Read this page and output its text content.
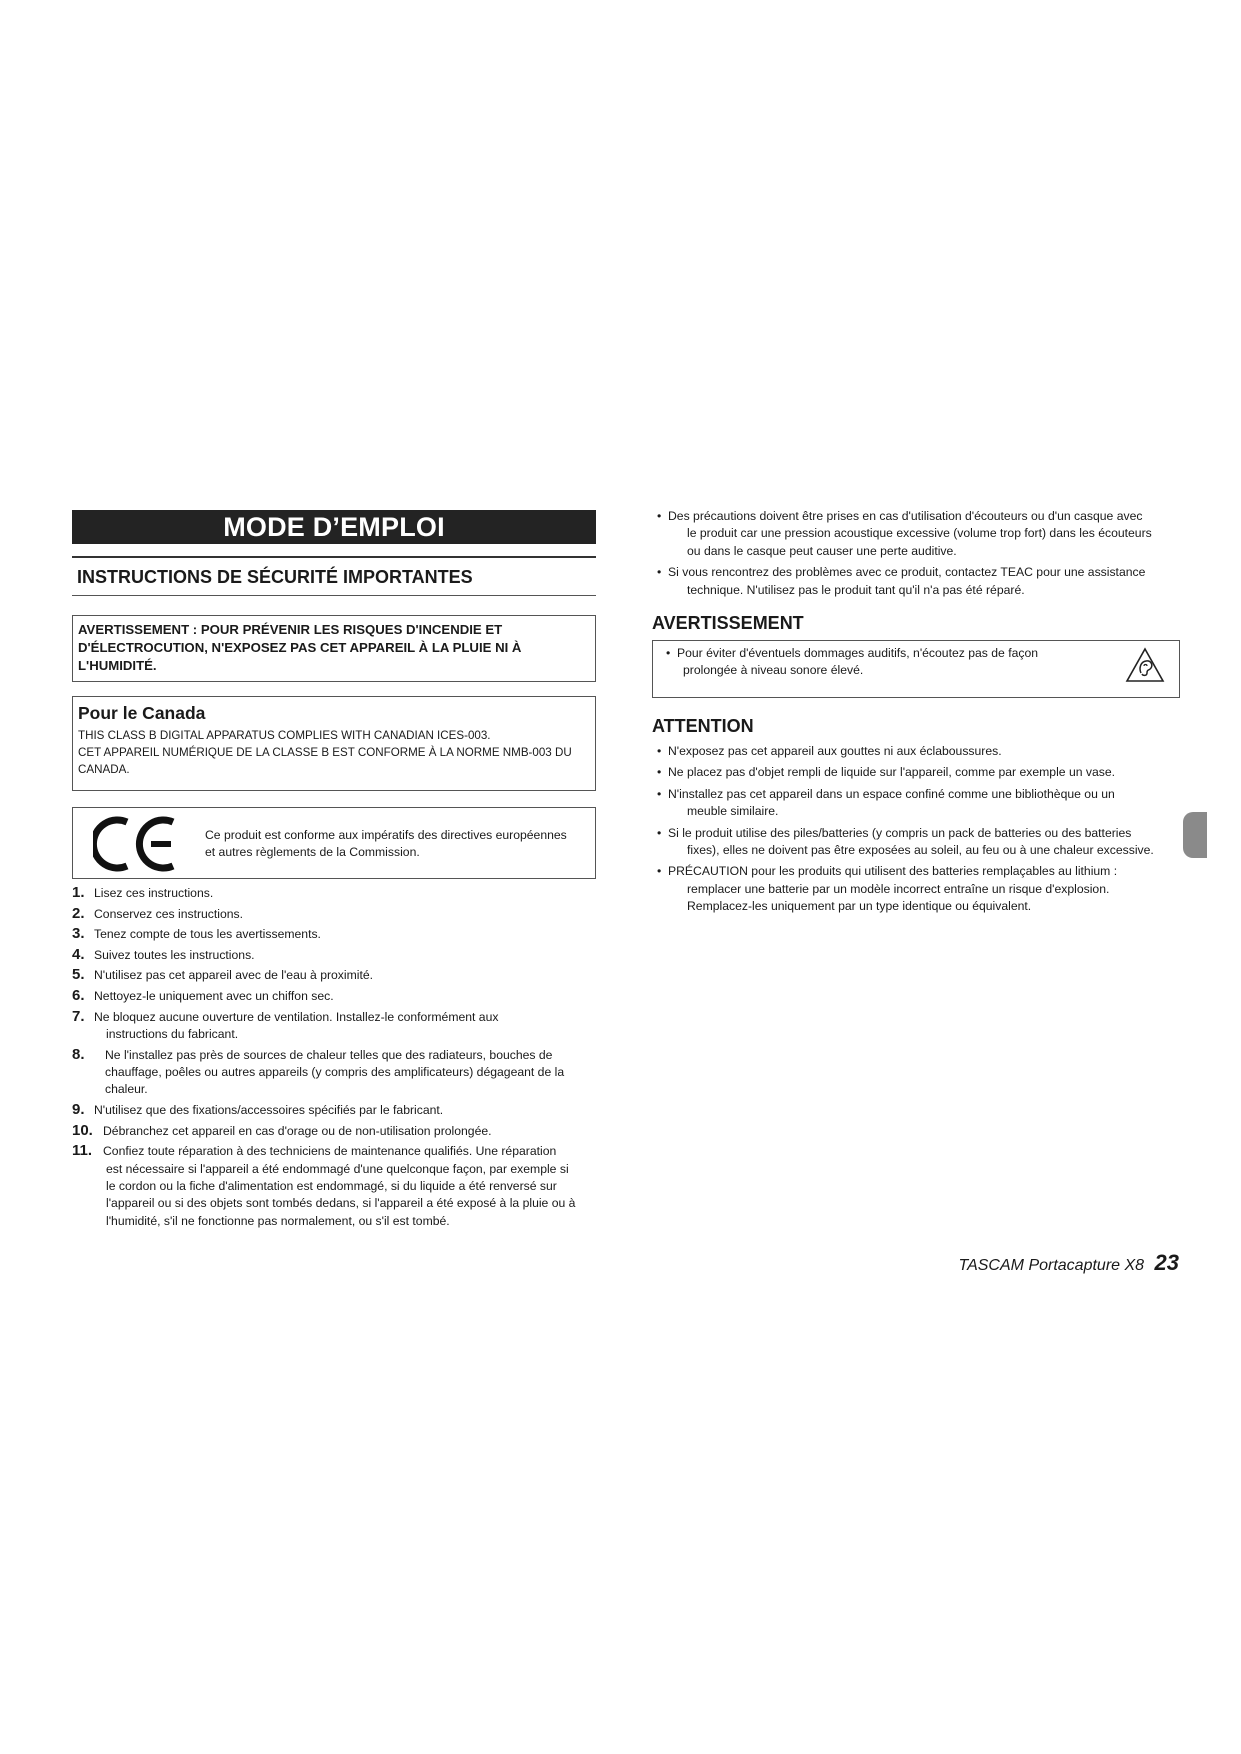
MODE D’EMPLOI
INSTRUCTIONS DE SÉCURITÉ IMPORTANTES
AVERTISSEMENT : POUR PRÉVENIR LES RISQUES D'INCENDIE ET
D'ÉLECTROCUTION, N'EXPOSEZ PAS CET APPAREIL À LA PLUIE NI À
L'HUMIDITÉ.
Pour le Canada
THIS CLASS B DIGITAL APPARATUS COMPLIES WITH CANADIAN ICES-003.
CET APPAREIL NUMÉRIQUE DE LA CLASSE B EST CONFORME À LA NORME NMB-003 DU
CANADA.
Ce produit est conforme aux impératifs des directives européennes
et autres règlements de la Commission.
1. Lisez ces instructions.
2. Conservez ces instructions.
3. Tenez compte de tous les avertissements.
4. Suivez toutes les instructions.
5. N'utilisez pas cet appareil avec de l'eau à proximité.
6. Nettoyez-le uniquement avec un chiffon sec.
7. Ne bloquez aucune ouverture de ventilation. Installez-le conformément aux
instructions du fabricant.
8. Ne l'installez pas près de sources de chaleur telles que des radiateurs, bouches de
chauffage, poêles ou autres appareils (y compris des amplificateurs) dégageant de la
chaleur.
9. N'utilisez que des fixations/accessoires spécifiés par le fabricant.
10. Débranchez cet appareil en cas d'orage ou de non-utilisation prolongée.
11. Confiez toute réparation à des techniciens de maintenance qualifiés. Une réparation
est nécessaire si l'appareil a été endommagé d'une quelconque façon, par exemple si
le cordon ou la fiche d'alimentation est endommagé, si du liquide a été renversé sur
l'appareil ou si des objets sont tombés dedans, si l'appareil a été exposé à la pluie ou à
l'humidité, s'il ne fonctionne pas normalement, ou s'il est tombé.
• Des précautions doivent être prises en cas d'utilisation d'écouteurs ou d'un casque avec
le produit car une pression acoustique excessive (volume trop fort) dans les écouteurs
ou dans le casque peut causer une perte auditive.
• Si vous rencontrez des problèmes avec ce produit, contactez TEAC pour une assistance
technique. N'utilisez pas le produit tant qu'il n'a pas été réparé.
AVERTISSEMENT
• Pour éviter d'éventuels dommages auditifs, n'écoutez pas de façon
prolongée à niveau sonore élevé.
ATTENTION
• N'exposez pas cet appareil aux gouttes ni aux éclaboussures.
• Ne placez pas d'objet rempli de liquide sur l'appareil, comme par exemple un vase.
• N'installez pas cet appareil dans un espace confiné comme une bibliothèque ou un
meuble similaire.
• Si le produit utilise des piles/batteries (y compris un pack de batteries ou des batteries
fixes), elles ne doivent pas être exposées au soleil, au feu ou à une chaleur excessive.
• PRÉCAUTION pour les produits qui utilisent des batteries remplaçables au lithium :
remplacer une batterie par un modèle incorrect entraîne un risque d'explosion.
Remplacez-les uniquement par un type identique ou équivalent.
TASCAM Portacapture X8 23
